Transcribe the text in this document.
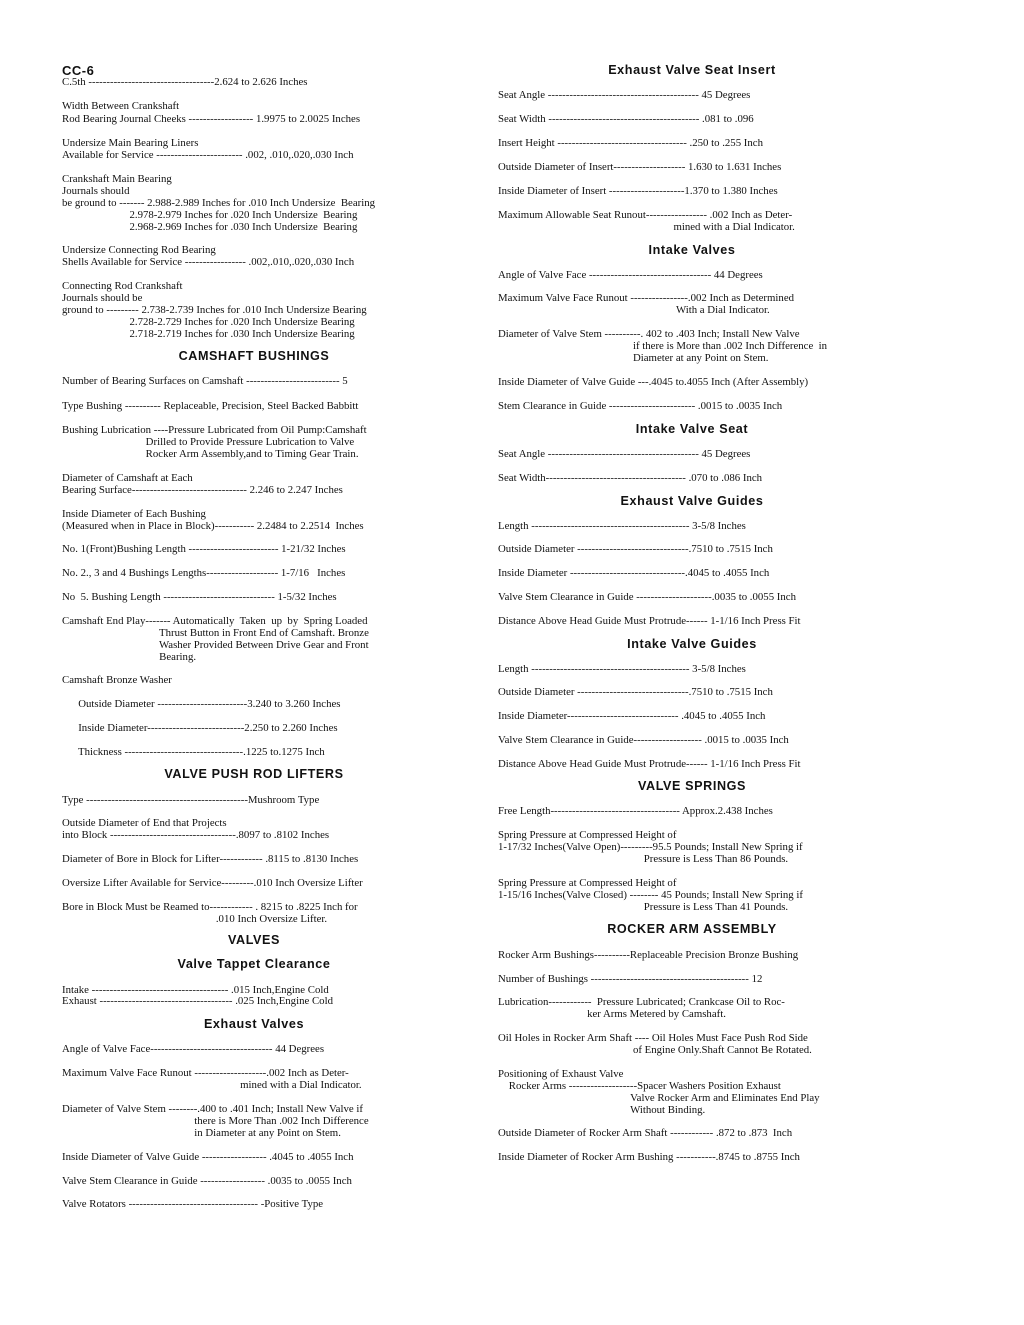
CC-6
C.5th -----------------------------------2.624 to 2.626 Inches
Width Between Crankshaft
Rod Bearing Journal Cheeks ------------------ 1.9975 to 2.0025 Inches
Undersize Main Bearing Liners
Available for Service ------------------------ .002, .010,.020,.030 Inch
Crankshaft Main Bearing
Journals should
be ground to ------- 2.988-2.989 Inches for .010 Inch Undersize  Bearing
2.978-2.979 Inches for .020 Inch Undersize  Bearing
2.968-2.969 Inches for .030 Inch Undersize  Bearing
Undersize Connecting Rod Bearing
Shells Available for Service ----------------- .002,.010,.020,.030 Inch
Connecting Rod Crankshaft
Journals should be
ground to --------- 2.738-2.739 Inches for .010 Inch Undersize Bearing
2.728-2.729 Inches for .020 Inch Undersize Bearing
2.718-2.719 Inches for .030 Inch Undersize Bearing
CAMSHAFT BUSHINGS
Number of Bearing Surfaces on Camshaft -------------------------- 5
Type Bushing ---------- Replaceable, Precision, Steel Backed Babbitt
Bushing Lubrication ----Pressure Lubricated from Oil Pump:Camshaft
Drilled to Provide Pressure Lubrication to Valve
Rocker Arm Assembly,and to Timing Gear Train.
Diameter of Camshaft at Each
Bearing Surface-------------------------------- 2.246 to 2.247 Inches
Inside Diameter of Each Bushing
(Measured when in Place in Block)----------- 2.2484 to 2.2514  Inches
No. 1(Front)Bushing Length ------------------------- 1-21/32 Inches
No. 2., 3 and 4 Bushings Lengths-------------------- 1-7/16   Inches
No  5. Bushing Length ------------------------------- 1-5/32 Inches
Camshaft End Play------- Automatically  Taken  up  by  Spring Loaded
Thrust Button in Front End of Camshaft. Bronze
Washer Provided Between Drive Gear and Front
Bearing.
Camshaft Bronze Washer
Outside Diameter -------------------------3.240 to 3.260 Inches
Inside Diameter---------------------------2.250 to 2.260 Inches
Thickness ---------------------------------.1225 to.1275 Inch
VALVE PUSH ROD LIFTERS
Type ---------------------------------------------Mushroom Type
Outside Diameter of End that Projects
into Block -----------------------------------.8097 to .8102 Inches
Diameter of Bore in Block for Lifter------------ .8115 to .8130 Inches
Oversize Lifter Available for Service---------.010 Inch Oversize Lifter
Bore in Block Must be Reamed to------------ . 8215 to .8225 Inch for
.010 Inch Oversize Lifter.
VALVES
Valve Tappet Clearance
Intake -------------------------------------- .015 Inch,Engine Cold
Exhaust ------------------------------------- .025 Inch,Engine Cold
Exhaust Valves
Angle of Valve Face---------------------------------- 44 Degrees
Maximum Valve Face Runout --------------------.002 Inch as Deter-
mined with a Dial Indicator.
Diameter of Valve Stem --------.400 to .401 Inch; Install New Valve if
there is More Than .002 Inch Difference
in Diameter at any Point on Stem.
Inside Diameter of Valve Guide ------------------ .4045 to .4055 Inch
Valve Stem Clearance in Guide ------------------ .0035 to .0055 Inch
Valve Rotators ------------------------------------ -Positive Type
Exhaust Valve Seat Insert
Seat Angle ------------------------------------------ 45 Degrees
Seat Width ------------------------------------------ .081 to .096
Insert Height ------------------------------------ .250 to .255 Inch
Outside Diameter of Insert-------------------- 1.630 to 1.631 Inches
Inside Diameter of Insert ---------------------1.370 to 1.380 Inches
Maximum Allowable Seat Runout----------------- .002 Inch as Deter-
mined with a Dial Indicator.
Intake Valves
Angle of Valve Face ---------------------------------- 44 Degrees
Maximum Valve Face Runout ----------------.002 Inch as Determined
With a Dial Indicator.
Diameter of Valve Stem ----------. 402 to .403 Inch; Install New Valve
if there is More than .002 Inch Difference  in
Diameter at any Point on Stem.
Inside Diameter of Valve Guide ---.4045 to.4055 Inch (After Assembly)
Stem Clearance in Guide ------------------------ .0015 to .0035 Inch
Intake Valve Seat
Seat Angle ------------------------------------------ 45 Degrees
Seat Width--------------------------------------- .070 to .086 Inch
Exhaust Valve Guides
Length -------------------------------------------- 3-5/8 Inches
Outside Diameter -------------------------------.7510 to .7515 Inch
Inside Diameter --------------------------------.4045 to .4055 Inch
Valve Stem Clearance in Guide ---------------------.0035 to .0055 Inch
Distance Above Head Guide Must Protrude------ 1-1/16 Inch Press Fit
Intake Valve Guides
Length -------------------------------------------- 3-5/8 Inches
Outside Diameter -------------------------------.7510 to .7515 Inch
Inside Diameter------------------------------- .4045 to .4055 Inch
Valve Stem Clearance in Guide------------------- .0015 to .0035 Inch
Distance Above Head Guide Must Protrude------ 1-1/16 Inch Press Fit
VALVE SPRINGS
Free Length------------------------------------ Approx.2.438 Inches
Spring Pressure at Compressed Height of
1-17/32 Inches(Valve Open)---------95.5 Pounds; Install New Spring if
Pressure is Less Than 86 Pounds.
Spring Pressure at Compressed Height of
1-15/16 Inches(Valve Closed) -------- 45 Pounds; Install New Spring if
Pressure is Less Than 41 Pounds.
ROCKER ARM ASSEMBLY
Rocker Arm Bushings----------Replaceable Precision Bronze Bushing
Number of Bushings -------------------------------------------- 12
Lubrication------------  Pressure Lubricated; Crankcase Oil to Roc-
ker Arms Metered by Camshaft.
Oil Holes in Rocker Arm Shaft ---- Oil Holes Must Face Push Rod Side
of Engine Only.Shaft Cannot Be Rotated.
Positioning of Exhaust Valve
Rocker Arms -------------------Spacer Washers Position Exhaust
Valve Rocker Arm and Eliminates End Play
Without Binding.
Outside Diameter of Rocker Arm Shaft ------------ .872 to .873  Inch
Inside Diameter of Rocker Arm Bushing -----------.8745 to .8755 Inch
